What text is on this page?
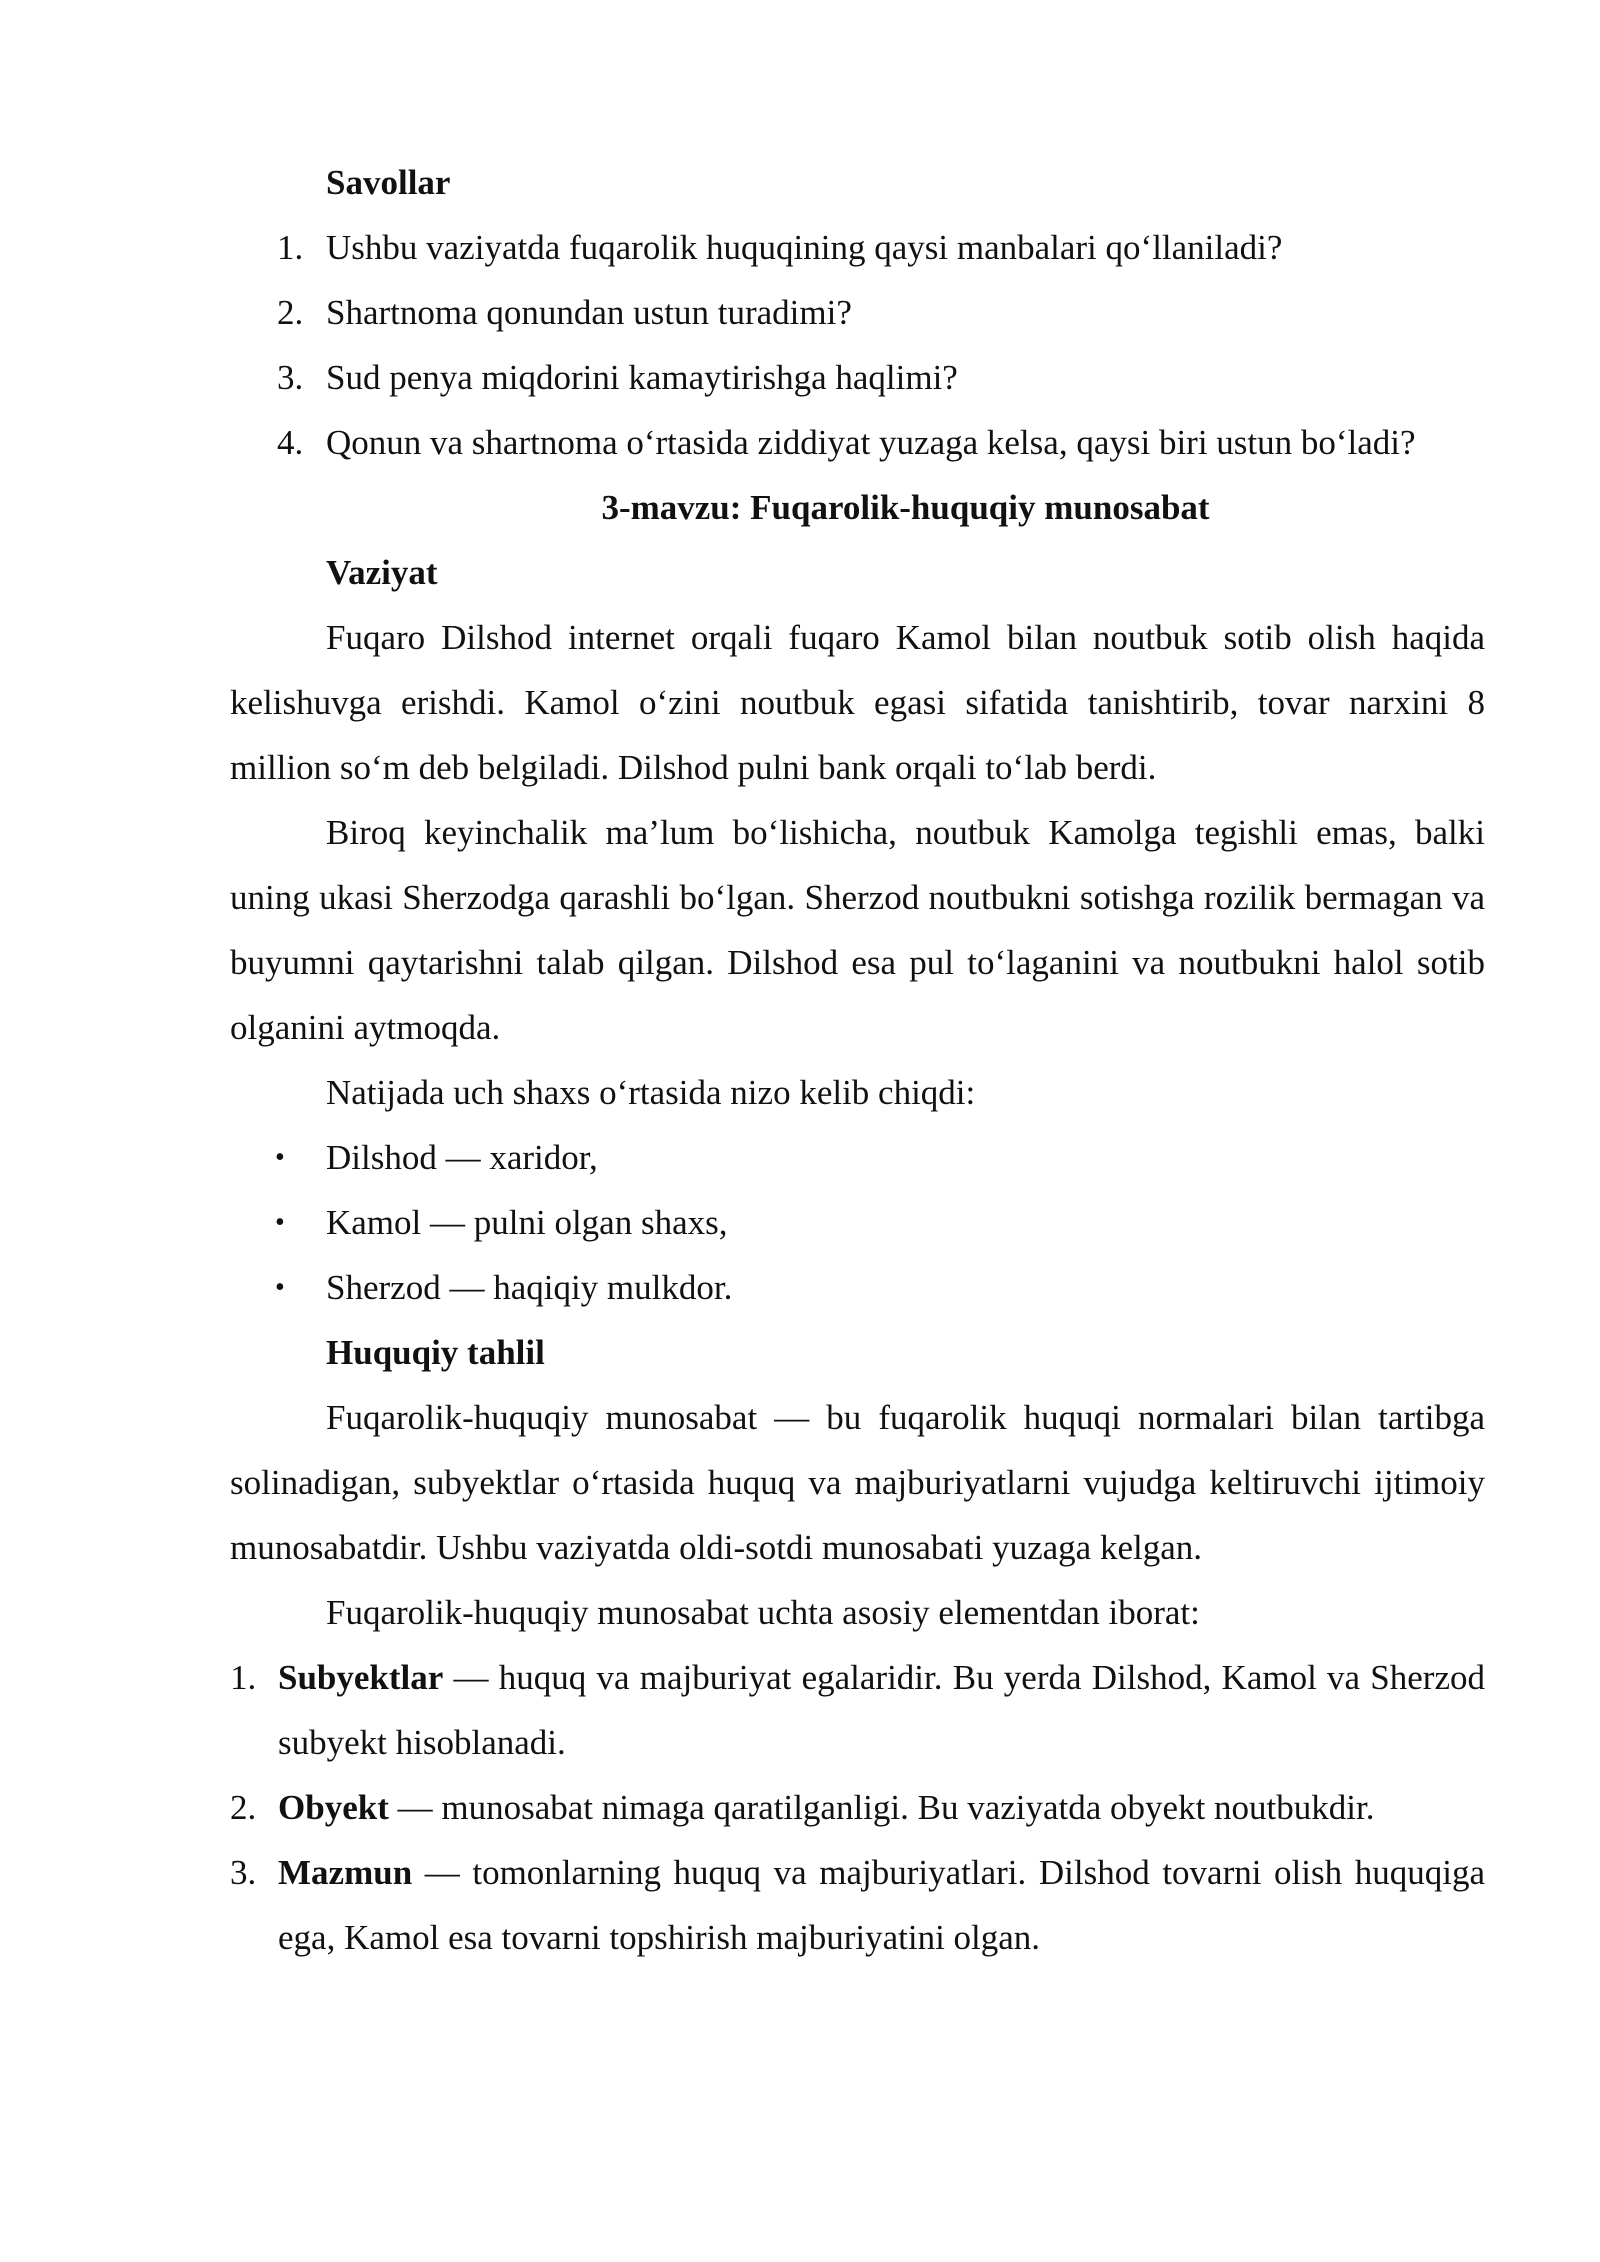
Savollar

1. Ushbu vaziyatda fuqarolik huquqining qaysi manbalari qo‘llaniladi?
2. Shartnoma qonundan ustun turadimi?
3. Sud penya miqdorini kamaytirishga haqlimi?
4. Qonun va shartnoma o‘rtasida ziddiyat yuzaga kelsa, qaysi biri ustun bo‘ladi?

3-mavzu: Fuqarolik-huquqiy munosabat

Vaziyat

Fuqaro Dilshod internet orqali fuqaro Kamol bilan noutbuk sotib olish haqida kelishuvga erishdi. Kamol o‘zini noutbuk egasi sifatida tanishtirib, tovar narxini 8 million so‘m deb belgiladi. Dilshod pulni bank orqali to‘lab berdi.

Biroq keyinchalik ma’lum bo‘lishicha, noutbuk Kamolga tegishli emas, balki uning ukasi Sherzodga qarashli bo‘lgan. Sherzod noutbukni sotishga rozilik bermagan va buyumni qaytarishni talab qilgan. Dilshod esa pul to‘laganini va noutbukni halol sotib olganini aytmoqda.

Natijada uch shaxs o‘rtasida nizo kelib chiqdi:

• Dilshod — xaridor,
• Kamol — pulni olgan shaxs,
• Sherzod — haqiqiy mulkdor.

Huquqiy tahlil

Fuqarolik-huquqiy munosabat — bu fuqarolik huquqi normalari bilan tartibga solinadigan, subyektlar o‘rtasida huquq va majburiyatlarni vujudga keltiruvchi ijtimoiy munosabatdir. Ushbu vaziyatda oldi-sotdi munosabati yuzaga kelgan.

Fuqarolik-huquqiy munosabat uchta asosiy elementdan iborat:

1. Subyektlar — huquq va majburiyat egalaridir. Bu yerda Dilshod, Kamol va Sherzod subyekt hisoblanadi.
2. Obyekt — munosabat nimaga qaratilganligi. Bu vaziyatda obyekt noutbukdir.
3. Mazmun — tomonlarning huquq va majburiyatlari. Dilshod tovarni olish huquqiga ega, Kamol esa tovarni topshirish majburiyatini olgan.
